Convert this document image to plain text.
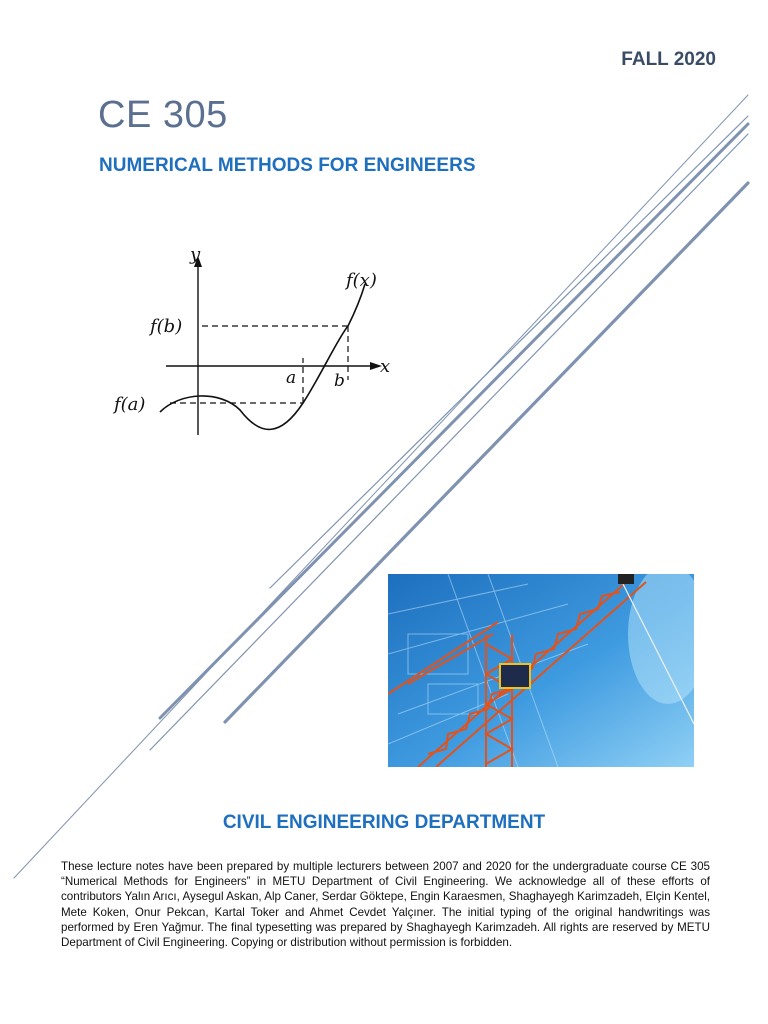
FALL 2020
CE 305
NUMERICAL METHODS FOR ENGINEERS
y
f(x)
f(b)
x
a b
f(a)
CIVIL ENGINEERING DEPARTMENT
These lecture notes have been prepared by multiple lecturers between 2007 and 2020 for the undergraduate course CE 305 “Numerical Methods for Engineers” in METU Department of Civil Engineering. We acknowledge all of these efforts of contributors Yalın Arıcı, Aysegul Askan, Alp Caner, Serdar Göktepe, Engin Karaesmen, Shaghayegh Karimzadeh, Elçin Kentel, Mete Koken, Onur Pekcan, Kartal Toker and Ahmet Cevdet Yalçıner. The initial typing of the original handwritings was performed by Eren Yağmur. The final typesetting was prepared by Shaghayegh Karimzadeh. All rights are reserved by METU Department of Civil Engineering. Copying or distribution without permission is forbidden.
